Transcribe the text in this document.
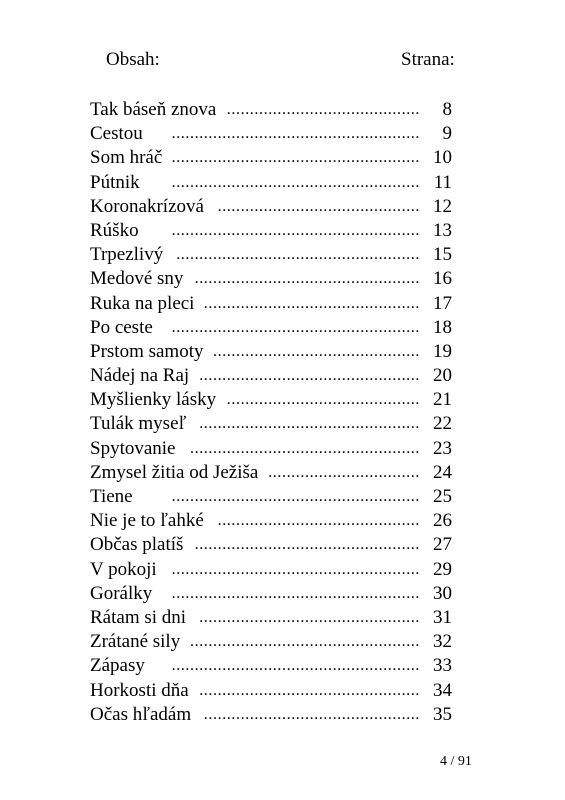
Obsah:	Strana:
Tak báseň znova .......................................... 8
Cestou ...................................................... 9
Som hráč ...................................................... 10
Pútnik ...................................................... 11
Koronakrízová ............................................ 12
Rúško ...................................................... 13
Trpezlivý ..................................................... 15
Medové sny ................................................. 16
Ruka na pleci ............................................... 17
Po ceste ...................................................... 18
Prstom samoty ............................................. 19
Nádej na Raj ................................................ 20
Myšlienky lásky .......................................... 21
Tulák myseľ ................................................ 22
Spytovanie .................................................. 23
Zmysel žitia od Ježiša ................................. 24
Tiene ...................................................... 25
Nie je to ľahké ............................................ 26
Občas platíš ................................................. 27
V pokoji ...................................................... 29
Gorálky ...................................................... 30
Rátam si dni ................................................ 31
Zrátané sily .................................................. 32
Zápasy ...................................................... 33
Horkosti dňa ................................................ 34
Očas hľadám ............................................... 35
4 / 91
